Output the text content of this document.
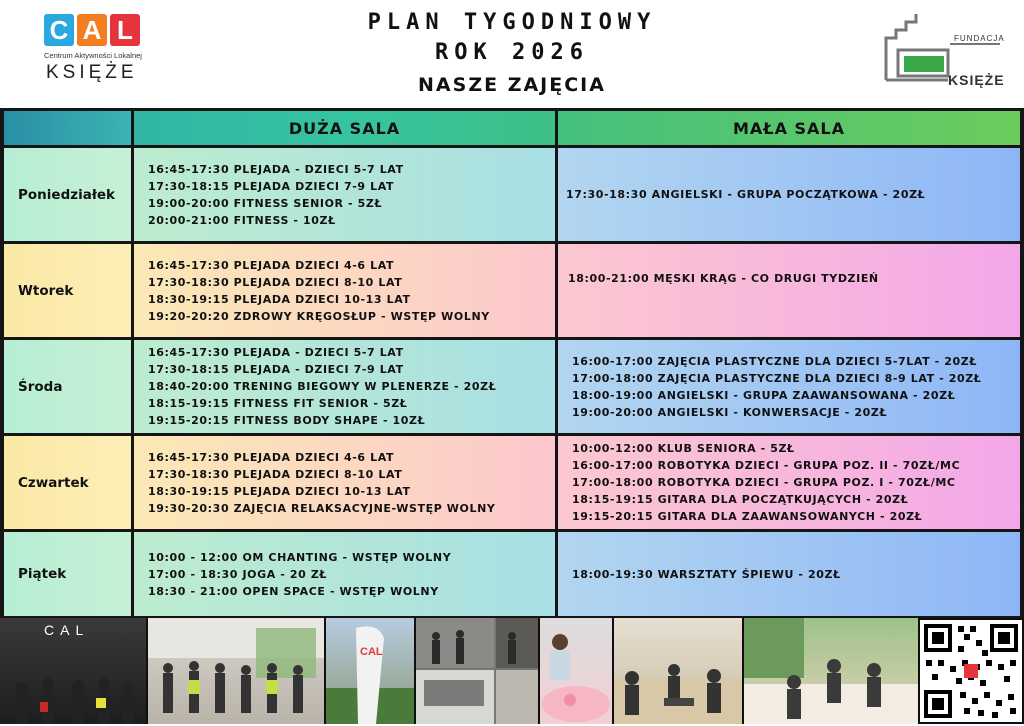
C A L
Centrum Aktywności Lokalnej
KSIĘŻE
PLAN TYGODNIOWY
ROK 2026
NASZE ZAJĘCIA
FUNDACJA
KSIĘŻE
DUŻA SALA	MAŁA SALA
Poniedziałek
16:45-17:30 PLEJADA - DZIECI 5-7 LAT
17:30-18:15 PLEJADA DZIECI 7-9 LAT
19:00-20:00 FITNESS SENIOR - 5ZŁ
20:00-21:00 FITNESS - 10ZŁ
17:30-18:30 ANGIELSKI - GRUPA POCZĄTKOWA - 20ZŁ
Wtorek
16:45-17:30 PLEJADA DZIECI 4-6 LAT
17:30-18:30 PLEJADA DZIECI 8-10 LAT
18:30-19:15 PLEJADA DZIECI 10-13 LAT
19:20-20:20 ZDROWY KRĘGOSŁUP - WSTĘP WOLNY
18:00-21:00 MĘSKI KRĄG - CO DRUGI TYDZIEŃ
Środa
16:45-17:30 PLEJADA - DZIECI 5-7 LAT
17:30-18:15 PLEJADA - DZIECI 7-9 LAT
18:40-20:00 TRENING BIEGOWY W PLENERZE - 20ZŁ
18:15-19:15 FITNESS FIT SENIOR - 5ZŁ
19:15-20:15 FITNESS BODY SHAPE - 10ZŁ
16:00-17:00 ZAJĘCIA PLASTYCZNE DLA DZIECI 5-7LAT - 20ZŁ
17:00-18:00 ZAJĘCIA PLASTYCZNE DLA DZIECI 8-9 LAT - 20ZŁ
18:00-19:00 ANGIELSKI - GRUPA ZAAWANSOWANA - 20ZŁ
19:00-20:00 ANGIELSKI - KONWERSACJE - 20ZŁ
Czwartek
16:45-17:30 PLEJADA DZIECI 4-6 LAT
17:30-18:30 PLEJADA DZIECI 8-10 LAT
18:30-19:15 PLEJADA DZIECI 10-13 LAT
19:30-20:30 ZAJĘCIA RELAKSACYJNE-WSTĘP WOLNY
10:00-12:00 KLUB SENIORA - 5ZŁ
16:00-17:00 ROBOTYKA DZIECI - GRUPA POZ. II - 70ZŁ/MC
17:00-18:00 ROBOTYKA DZIECI - GRUPA POZ. I - 70ZŁ/MC
18:15-19:15 GITARA DLA POCZĄTKUJĄCYCH - 20ZŁ
19:15-20:15 GITARA DLA ZAAWANSOWANYCH - 20ZŁ
Piątek
10:00 - 12:00 OM CHANTING - WSTĘP WOLNY
17:00 - 18:30 JOGA - 20 ZŁ
18:30 - 21:00 OPEN SPACE - WSTĘP WOLNY
18:00-19:30 WARSZTATY ŚPIEWU - 20ZŁ
CAL
CAL
